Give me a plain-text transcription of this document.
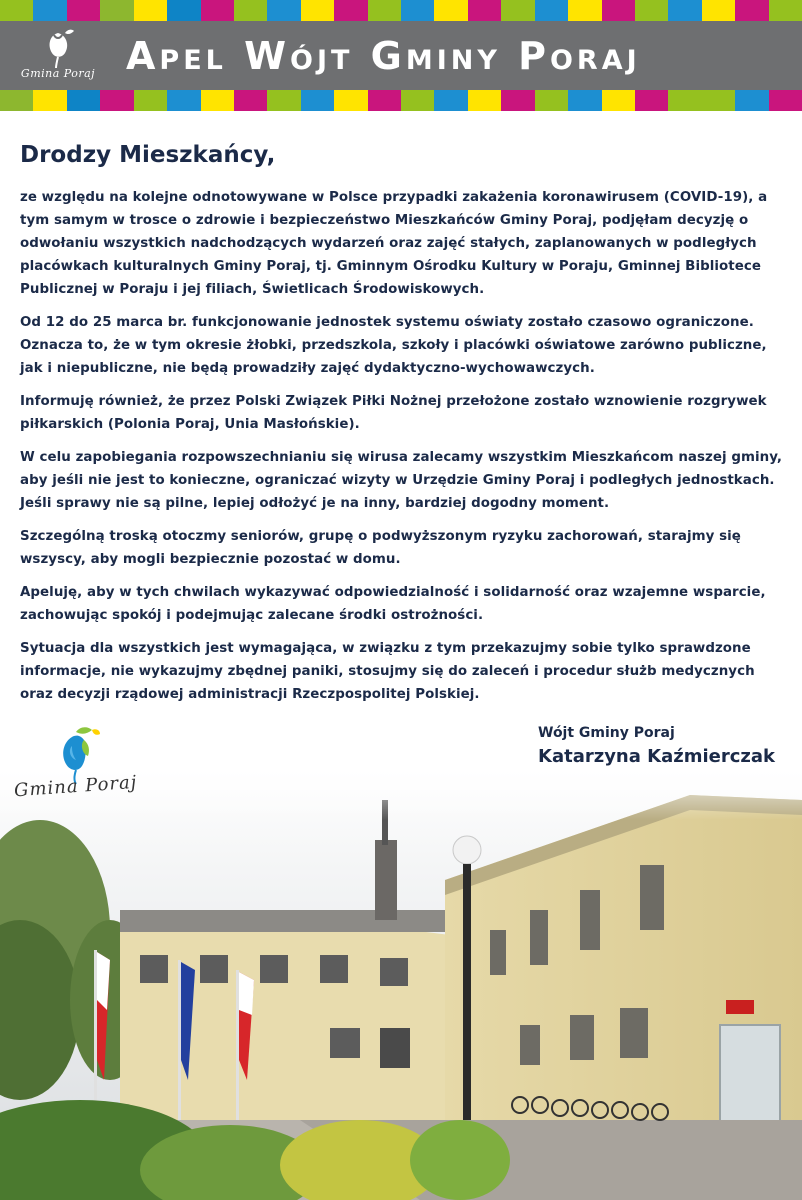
Gmina Poraj Apel Wójt Gminy Poraj
Drodzy Mieszkańcy,

ze względu na kolejne odnotowywane w Polsce przypadki zakażenia koronawirusem (COVID-19), a tym samym w trosce o zdrowie i bezpieczeństwo Mieszkańców Gminy Poraj, podjęłam decyzję o odwołaniu wszystkich nadchodzących wydarzeń oraz zajęć stałych, zaplanowanych w podległych placówkach kulturalnych Gminy Poraj, tj. Gminnym Ośrodku Kultury w Poraju, Gminnej Bibliotece Publicznej w Poraju i jej filiach, Świetlicach Środowiskowych.

Od 12 do 25 marca br. funkcjonowanie jednostek systemu oświaty zostało czasowo ograniczone. Oznacza to, że w tym okresie żłobki, przedszkola, szkoły i placówki oświatowe zarówno publiczne, jak i niepubliczne, nie będą prowadziły zajęć dydaktyczno-wychowawczych.

Informuję również, że przez Polski Związek Piłki Nożnej przełożone zostało wznowienie rozgrywek piłkarskich (Polonia Poraj, Unia Masłońskie).

W celu zapobiegania rozpowszechnianiu się wirusa zalecamy wszystkim Mieszkańcom naszej gminy, aby jeśli nie jest to konieczne, ograniczać wizyty w Urzędzie Gminy Poraj i podległych jednostkach. Jeśli sprawy nie są pilne, lepiej odłożyć je na inny, bardziej dogodny moment.

Szczególną troską otoczmy seniorów, grupę o podwyższonym ryzyku zachorowań, starajmy się wszyscy, aby mogli bezpiecznie pozostać w domu.

Apeluję, aby w tych chwilach wykazywać odpowiedzialność i solidarność oraz wzajemne wsparcie, zachowując spokój i podejmując zalecane środki ostrożności.

Sytuacja dla wszystkich jest wymagająca, w związku z tym przekazujmy sobie tylko sprawdzone informacje, nie wykazujmy zbędnej paniki, stosujmy się do zaleceń i procedur służb medycznych oraz decyzji rządowej administracji Rzeczpospolitej Polskiej.

Wójt Gminy Poraj
Katarzyna Kaźmierczak
Gmina Poraj
